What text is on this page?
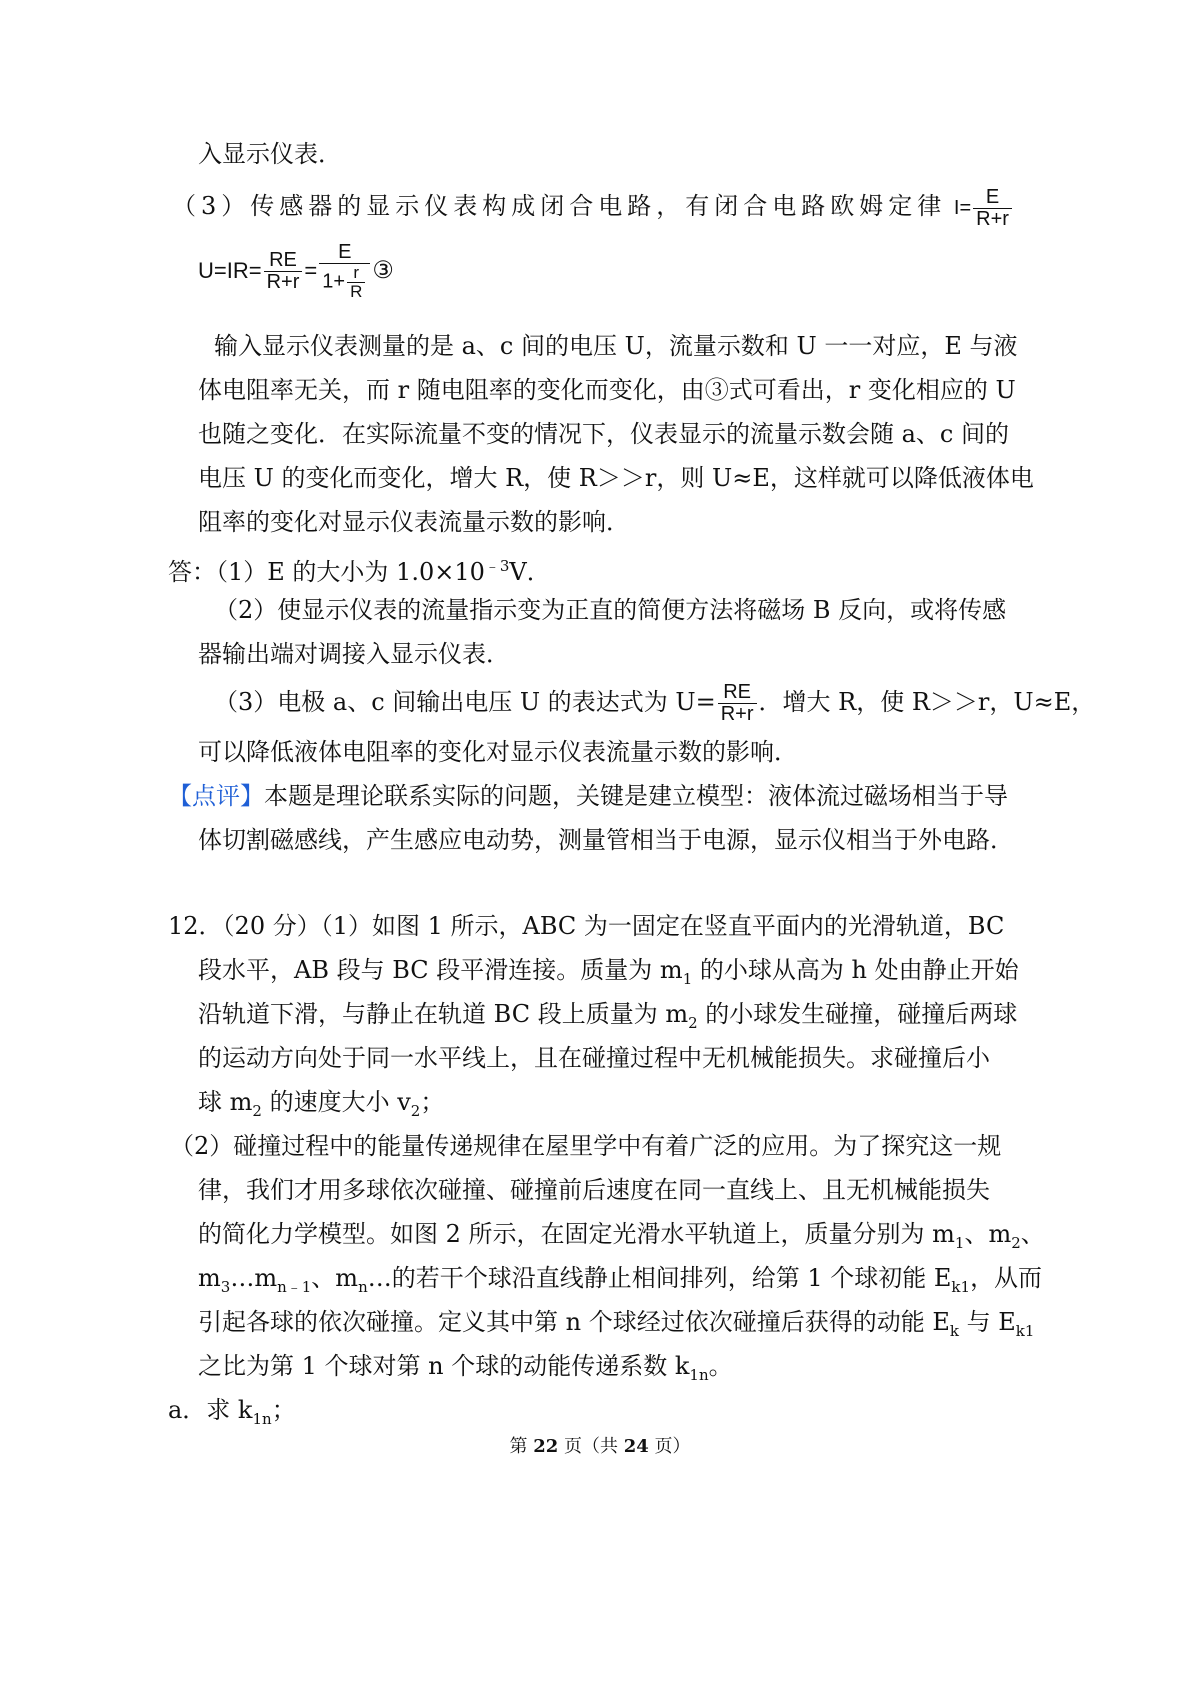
入显示仪表．
（3）传感器的显示仪表构成闭合电路，有闭合电路欧姆定律 $I= \frac{E}{R+r}$
$U=IR= \frac{RE}{R+r} = \frac{E}{1+ \frac{r}{R}}$ ③
输入显示仪表测量的是 a、c 间的电压 U，流量示数和 U 一一对应，E 与液
体电阻率无关，而 r 随电阻率的变化而变化，由③式可看出，r 变化相应的 U
也随之变化．在实际流量不变的情况下，仪表显示的流量示数会随 a、c 间的
电压 U 的变化而变化，增大 R，使 R＞＞r，则 U≈E，这样就可以降低液体电
阻率的变化对显示仪表流量示数的影响．
答：（1）E 的大小为 $1.0\times 10^{﹣3}V$．
（2）使显示仪表的流量指示变为正直的简便方法将磁场 B 反向，或将传感
器输出端对调接入显示仪表．
（3）电极 a、c 间输出电压 U 的表达式为 $U= \frac{RE}{R+r}$ ．增大 R，使 R＞＞r，U≈E，
可以降低液体电阻率的变化对显示仪表流量示数的影响．
【点评】本题是理论联系实际的问题，关键是建立模型：液体流过磁场相当于导
体切割磁感线，产生感应电动势，测量管相当于电源，显示仪相当于外电路．
12．（20 分）（1）如图 1 所示，ABC 为一固定在竖直平面内的光滑轨道，BC
段水平，AB 段与 BC 段平滑连接。质量为 $m_1$ 的小球从高为 h 处由静止开始
沿轨道下滑，与静止在轨道 BC 段上质量为 $m_2$ 的小球发生碰撞，碰撞后两球
的运动方向处于同一水平线上，且在碰撞过程中无机械能损失。求碰撞后小
球 $m_2$ 的速度大小 $v_2$；
（2）碰撞过程中的能量传递规律在屋里学中有着广泛的应用。为了探究这一规
律，我们才用多球依次碰撞、碰撞前后速度在同一直线上、且无机械能损失
的简化力学模型。如图 2 所示，在固定光滑水平轨道上，质量分别为 $m_1$、$m_2$、
$m_3\dots m_{n﹣1}$、$m_n\dots$的若干个球沿直线静止相间排列，给第 1 个球初能 $E_{k1}$，从而
引起各球的依次碰撞。定义其中第 n 个球经过依次碰撞后获得的动能 $E_k$ 与 $E_{k1}$
之比为第 1 个球对第 n 个球的动能传递系数 $k_{1n}$。
a．求 $k_{1n}$；
第 22 页（共 24 页）
